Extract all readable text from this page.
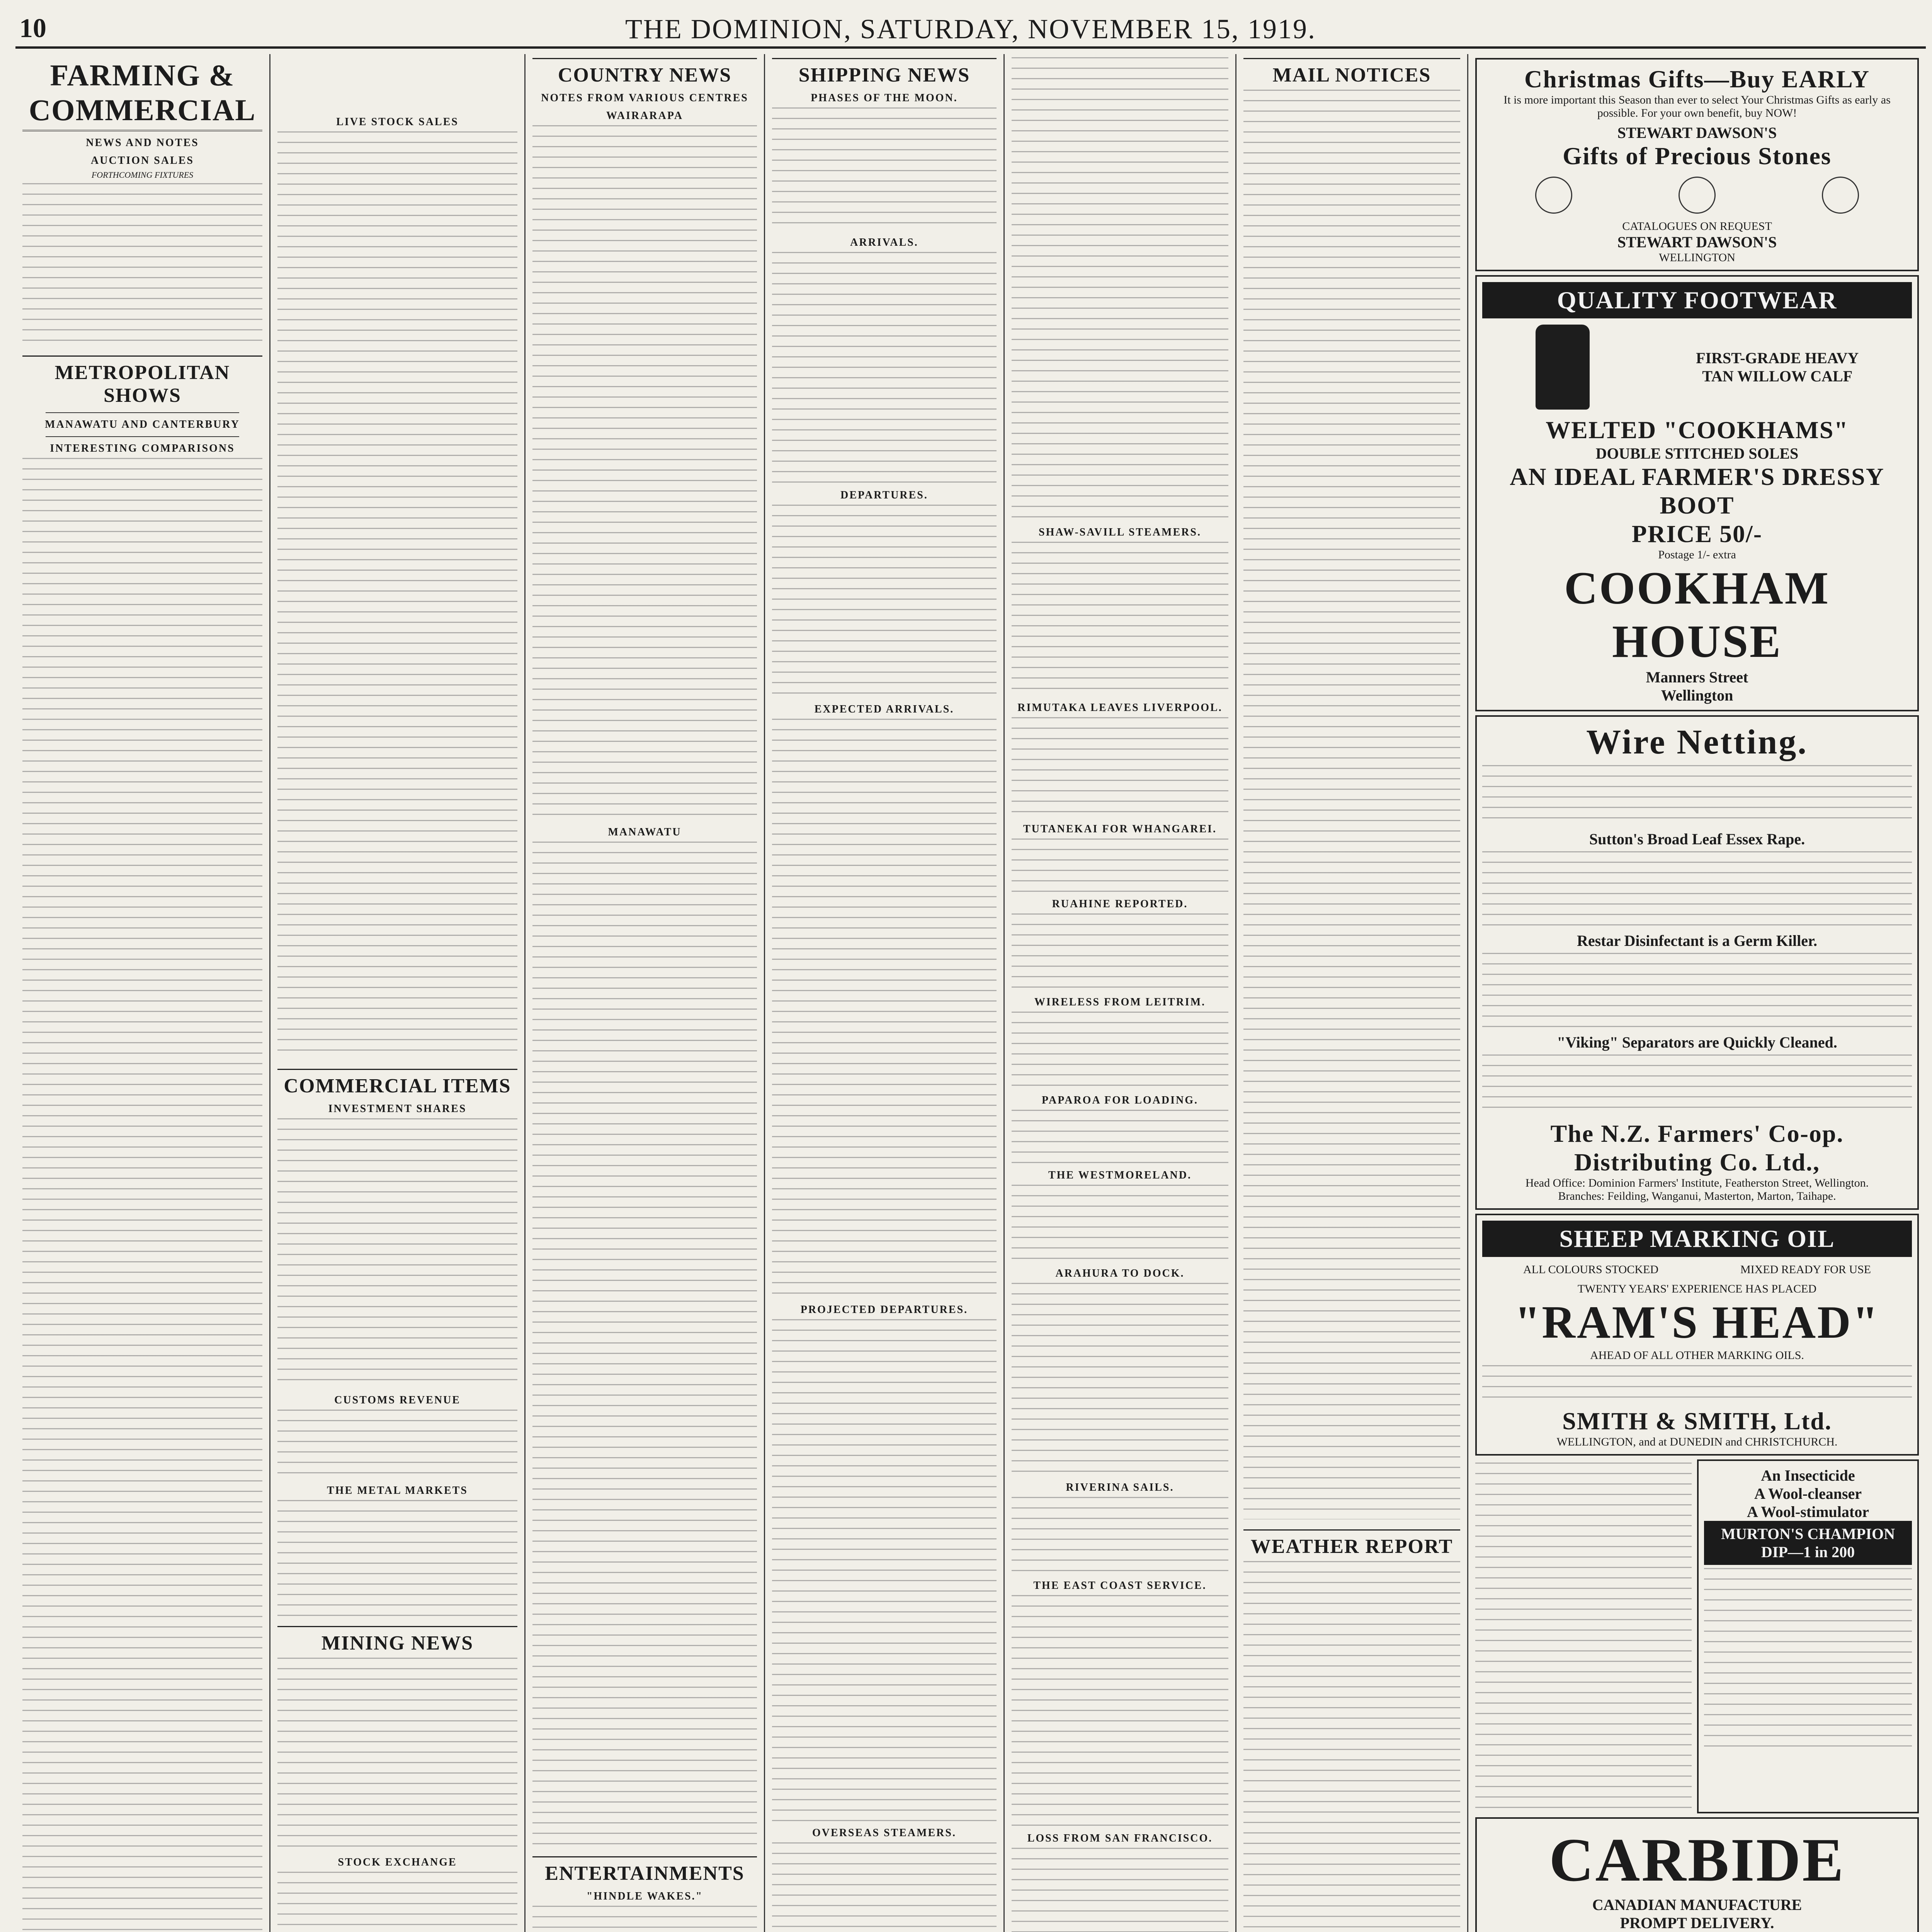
10	THE DOMINION, SATURDAY, NOVEMBER 15, 1919.
FARMING & COMMERCIAL
NEWS AND NOTES
AUCTION SALES
FORTHCOMING FIXTURES
METROPOLITAN SHOWS
MANAWATU AND CANTERBURY
INTERESTING COMPARISONS
LIVE STOCK SALES
COMMERCIAL ITEMS
INVESTMENT SHARES
CUSTOMS REVENUE
THE METAL MARKETS
MINING NEWS
STOCK EXCHANGE
COUNTRY NEWS
NOTES FROM VARIOUS CENTRES
WAIRARAPA
MANAWATU
ENTERTAINMENTS
"HINDLE WAKES."
SHIPPING NEWS
PHASES OF THE MOON.
ARRIVALS.
DEPARTURES.
EXPECTED ARRIVALS.
PROJECTED DEPARTURES.
OVERSEAS STEAMERS.
SHAW-SAVILL STEAMERS.
RIMUTAKA LEAVES LIVERPOOL.
TUTANEKAI FOR WHANGAREI.
RUAHINE REPORTED.
WIRELESS FROM LEITRIM.
PAPAROA FOR LOADING.
THE WESTMORELAND.
ARAHURA TO DOCK.
RIVERINA SAILS.
THE EAST COAST SERVICE.
LOSS FROM SAN FRANCISCO.
MAIL NOTICES
WEATHER REPORT
Christmas Gifts—Buy EARLY
It is more important this Season than ever to select Your Christmas Gifts as early as possible. For your own benefit, buy NOW!
STEWART DAWSON'S
Gifts of Precious Stones
CATALOGUES ON REQUEST
STEWART DAWSON'S
WELLINGTON
QUALITY FOOTWEAR
FIRST-GRADE HEAVY
TAN WILLOW CALF
WELTED "COOKHAMS"
DOUBLE STITCHED SOLES
AN IDEAL FARMER'S DRESSY BOOT
PRICE 50/-
Postage 1/- extra
COOKHAM HOUSE
Manners Street
Wellington
Wire Netting.
Sutton's Broad Leaf Essex Rape.
Restar Disinfectant is a Germ Killer.
"Viking" Separators are Quickly Cleaned.
The N.Z. Farmers' Co-op. Distributing Co. Ltd.,
Head Office: Dominion Farmers' Institute, Featherston Street, Wellington.
Branches: Feilding, Wanganui, Masterton, Marton, Taihape.
SHEEP MARKING OIL
ALL COLOURS STOCKED	MIXED READY FOR USE
TWENTY YEARS' EXPERIENCE HAS PLACED
"RAM'S HEAD"
AHEAD OF ALL OTHER MARKING OILS.
SMITH & SMITH, Ltd.
WELLINGTON, and at DUNEDIN and CHRISTCHURCH.
An Insecticide
A Wool-cleanser
A Wool-stimulator
MURTON'S CHAMPION DIP—1 in 200
CARBIDE
CANADIAN MANUFACTURE
PROMPT DELIVERY.
